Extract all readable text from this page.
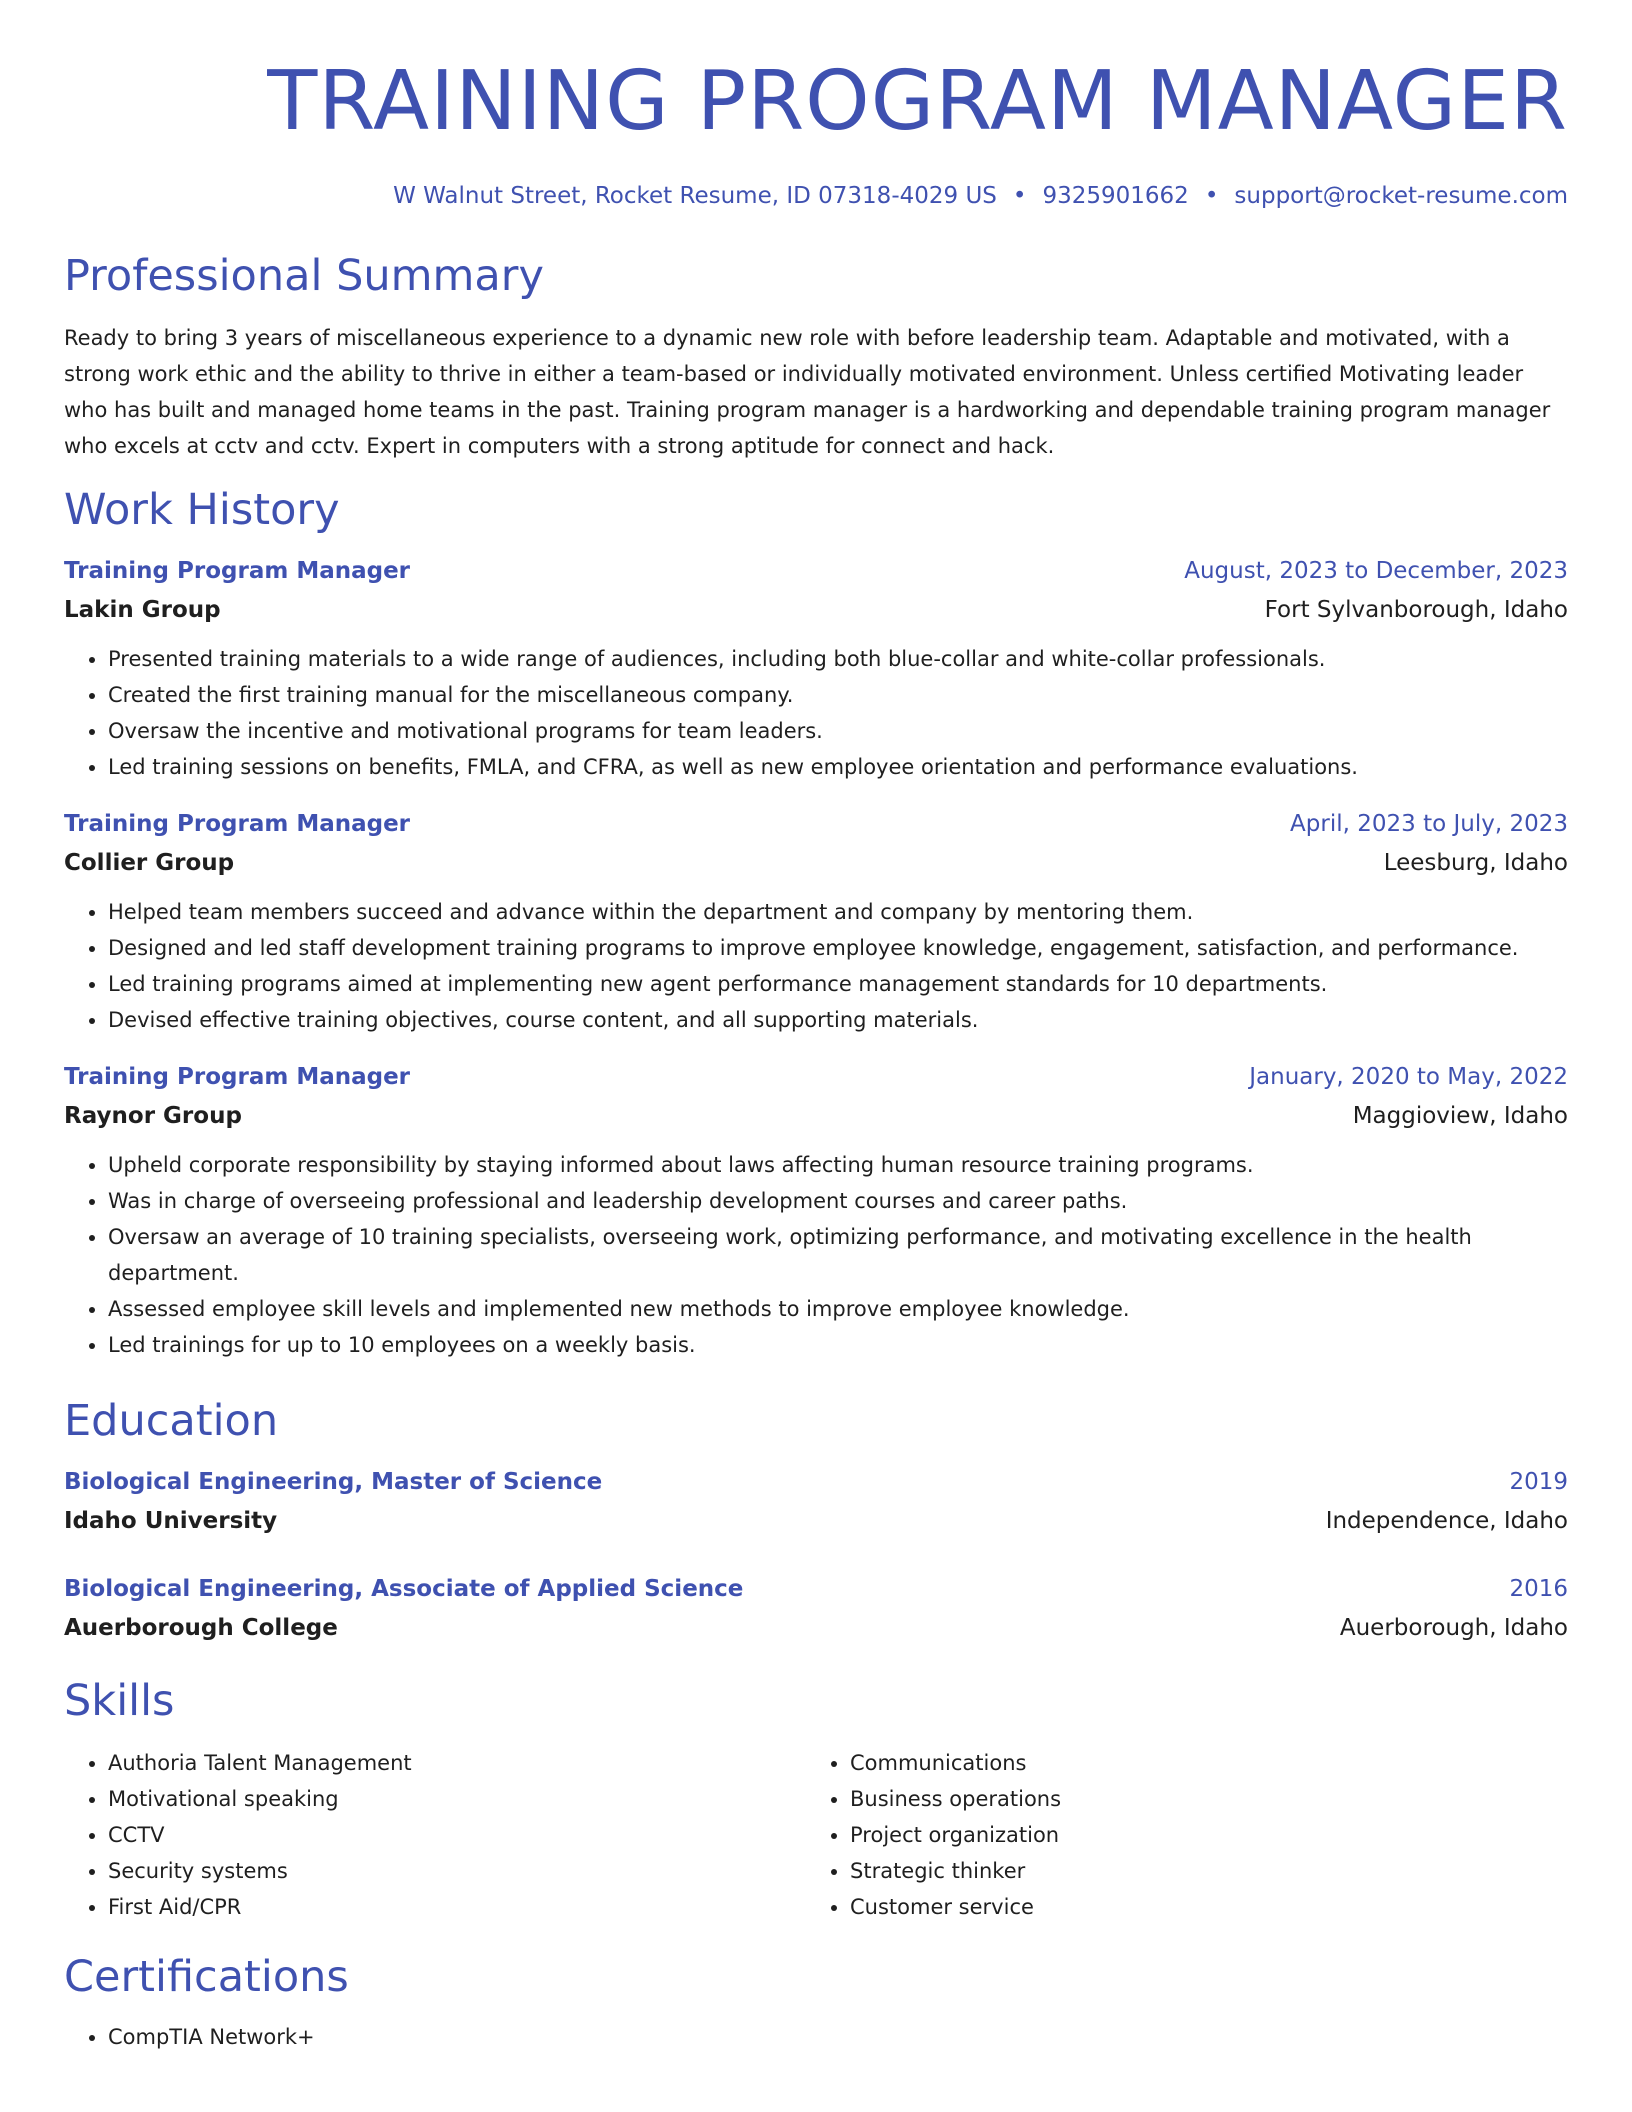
TRAINING PROGRAM MANAGER
W Walnut Street, Rocket Resume, ID 07318-4029 US • 9325901662 • support@rocket-resume.com
Professional Summary
Ready to bring 3 years of miscellaneous experience to a dynamic new role with before leadership team. Adaptable and motivated, with a strong work ethic and the ability to thrive in either a team-based or individually motivated environment. Unless certified Motivating leader who has built and managed home teams in the past. Training program manager is a hardworking and dependable training program manager who excels at cctv and cctv. Expert in computers with a strong aptitude for connect and hack.
Work History
Training Program Manager	August, 2023 to December, 2023
Lakin Group	Fort Sylvanborough, Idaho
• Presented training materials to a wide range of audiences, including both blue-collar and white-collar professionals.
• Created the first training manual for the miscellaneous company.
• Oversaw the incentive and motivational programs for team leaders.
• Led training sessions on benefits, FMLA, and CFRA, as well as new employee orientation and performance evaluations.
Training Program Manager	April, 2023 to July, 2023
Collier Group	Leesburg, Idaho
• Helped team members succeed and advance within the department and company by mentoring them.
• Designed and led staff development training programs to improve employee knowledge, engagement, satisfaction, and performance.
• Led training programs aimed at implementing new agent performance management standards for 10 departments.
• Devised effective training objectives, course content, and all supporting materials.
Training Program Manager	January, 2020 to May, 2022
Raynor Group	Maggioview, Idaho
• Upheld corporate responsibility by staying informed about laws affecting human resource training programs.
• Was in charge of overseeing professional and leadership development courses and career paths.
• Oversaw an average of 10 training specialists, overseeing work, optimizing performance, and motivating excellence in the health department.
• Assessed employee skill levels and implemented new methods to improve employee knowledge.
• Led trainings for up to 10 employees on a weekly basis.
Education
Biological Engineering, Master of Science	2019
Idaho University	Independence, Idaho
Biological Engineering, Associate of Applied Science	2016
Auerborough College	Auerborough, Idaho
Skills
• Authoria Talent Management
• Motivational speaking
• CCTV
• Security systems
• First Aid/CPR
• Communications
• Business operations
• Project organization
• Strategic thinker
• Customer service
Certifications
• CompTIA Network+
